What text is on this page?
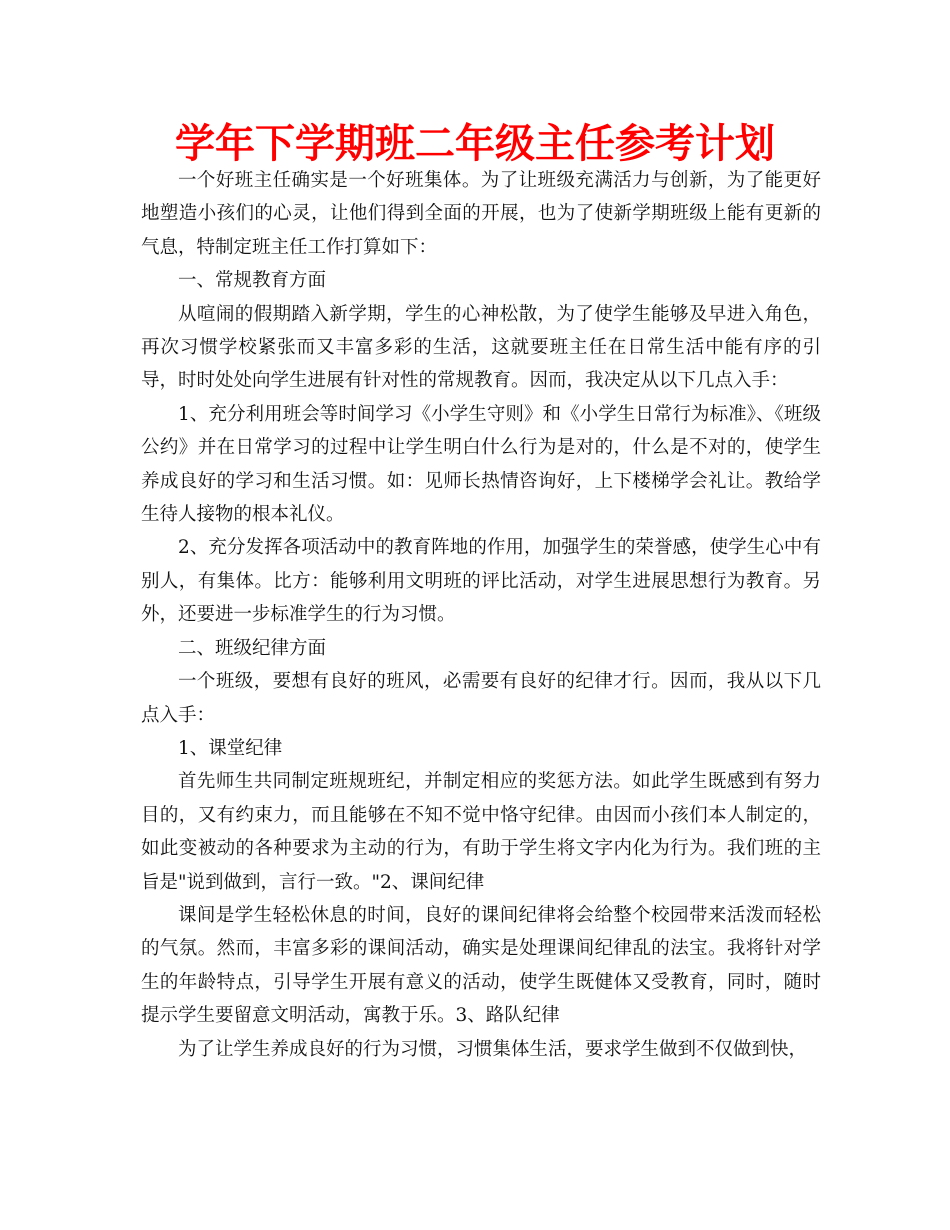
学年下学期班二年级主任参考计划

一个好班主任确实是一个好班集体。为了让班级充满活力与创新，为了能更好地塑造小孩们的心灵，让他们得到全面的开展，也为了使新学期班级上能有更新的气息，特制定班主任工作打算如下：

一、常规教育方面

从喧闹的假期踏入新学期，学生的心神松散，为了使学生能够及早进入角色，再次习惯学校紧张而又丰富多彩的生活，这就要班主任在日常生活中能有序的引导，时时处处向学生进展有针对性的常规教育。因而，我决定从以下几点入手：

1、充分利用班会等时间学习《小学生守则》和《小学生日常行为标准》、《班级公约》并在日常学习的过程中让学生明白什么行为是对的，什么是不对的，使学生养成良好的学习和生活习惯。如：见师长热情咨询好，上下楼梯学会礼让。教给学生待人接物的根本礼仪。

2、充分发挥各项活动中的教育阵地的作用，加强学生的荣誉感，使学生心中有别人，有集体。比方：能够利用文明班的评比活动，对学生进展思想行为教育。另外，还要进一步标准学生的行为习惯。

二、班级纪律方面

一个班级，要想有良好的班风，必需要有良好的纪律才行。因而，我从以下几点入手：

1、课堂纪律

首先师生共同制定班规班纪，并制定相应的奖惩方法。如此学生既感到有努力目的，又有约束力，而且能够在不知不觉中恪守纪律。由因而小孩们本人制定的，如此变被动的各种要求为主动的行为，有助于学生将文字内化为行为。我们班的主旨是"说到做到，言行一致。"2、课间纪律

课间是学生轻松休息的时间，良好的课间纪律将会给整个校园带来活泼而轻松的气氛。然而，丰富多彩的课间活动，确实是处理课间纪律乱的法宝。我将针对学生的年龄特点，引导学生开展有意义的活动，使学生既健体又受教育，同时，随时提示学生要留意文明活动，寓教于乐。3、路队纪律

为了让学生养成良好的行为习惯，习惯集体生活，要求学生做到不仅做到快，
